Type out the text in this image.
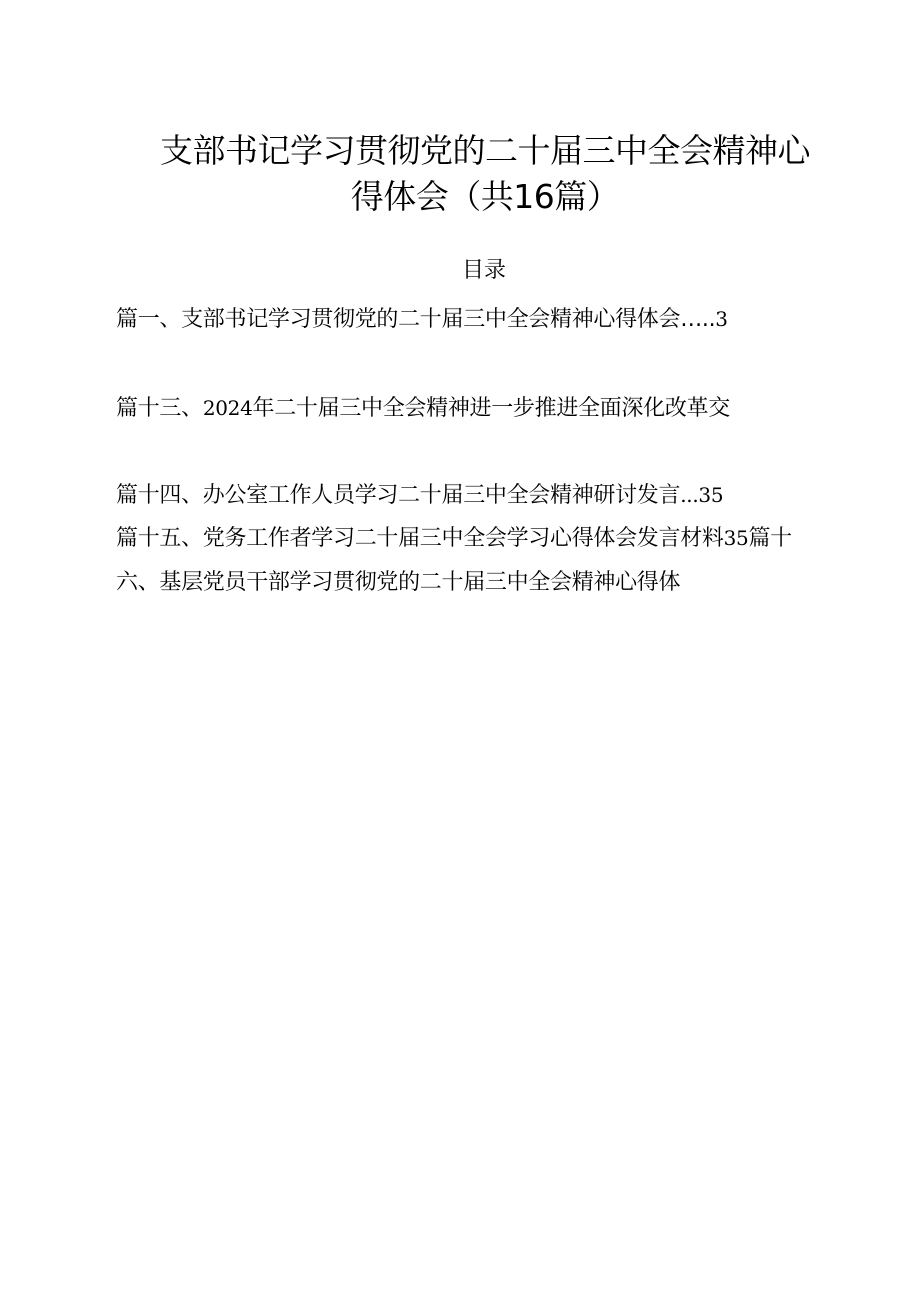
支部书记学习贯彻党的二十届三中全会精神心
得体会（共16篇）
目录
篇一、支部书记学习贯彻党的二十届三中全会精神心得体会…..3
篇十三、2024年二十届三中全会精神进一步推进全面深化改革交
篇十四、办公室工作人员学习二十届三中全会精神研讨发言...35
篇十五、党务工作者学习二十届三中全会学习心得体会发言材料35篇十
六、基层党员干部学习贯彻党的二十届三中全会精神心得体
